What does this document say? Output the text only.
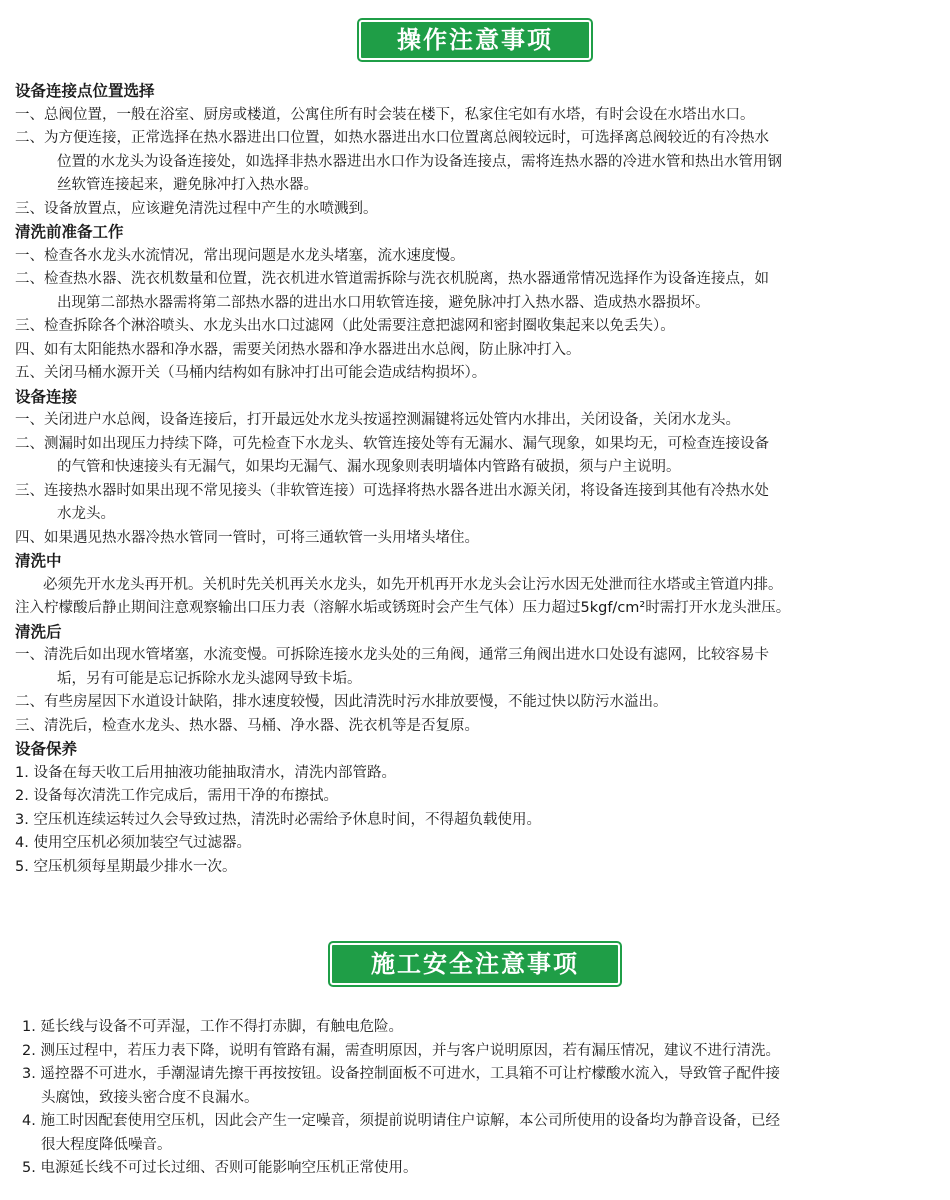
操作注意事项
设备连接点位置选择
一、总阀位置，一般在浴室、厨房或楼道，公寓住所有时会装在楼下，私家住宅如有水塔，有时会设在水塔出水口。
二、为方便连接，正常选择在热水器进出口位置，如热水器进出水口位置离总阀较远时，可选择离总阀较近的有冷热水
位置的水龙头为设备连接处，如选择非热水器进出水口作为设备连接点，需将连热水器的冷进水管和热出水管用钢
丝软管连接起来，避免脉冲打入热水器。
三、设备放置点，应该避免清洗过程中产生的水喷溅到。
清洗前准备工作
一、检查各水龙头水流情况，常出现问题是水龙头堵塞，流水速度慢。
二、检查热水器、洗衣机数量和位置，洗衣机进水管道需拆除与洗衣机脱离，热水器通常情况选择作为设备连接点，如
出现第二部热水器需将第二部热水器的进出水口用软管连接，避免脉冲打入热水器、造成热水器损坏。
三、检查拆除各个淋浴喷头、水龙头出水口过滤网（此处需要注意把滤网和密封圈收集起来以免丢失）。
四、如有太阳能热水器和净水器，需要关闭热水器和净水器进出水总阀，防止脉冲打入。
五、关闭马桶水源开关（马桶内结构如有脉冲打出可能会造成结构损坏）。
设备连接
一、关闭进户水总阀，设备连接后，打开最远处水龙头按遥控测漏键将远处管内水排出，关闭设备，关闭水龙头。
二、测漏时如出现压力持续下降，可先检查下水龙头、软管连接处等有无漏水、漏气现象，如果均无，可检查连接设备
的气管和快速接头有无漏气，如果均无漏气、漏水现象则表明墙体内管路有破损，须与户主说明。
三、连接热水器时如果出现不常见接头（非软管连接）可选择将热水器各进出水源关闭，将设备连接到其他有冷热水处
水龙头。
四、如果遇见热水器冷热水管同一管时，可将三通软管一头用堵头堵住。
清洗中
必须先开水龙头再开机。关机时先关机再关水龙头，如先开机再开水龙头会让污水因无处泄而往水塔或主管道内排。
注入柠檬酸后静止期间注意观察输出口压力表（溶解水垢或锈斑时会产生气体）压力超过5kgf/cm²时需打开水龙头泄压。
清洗后
一、清洗后如出现水管堵塞，水流变慢。可拆除连接水龙头处的三角阀，通常三角阀出进水口处设有滤网，比较容易卡
垢，另有可能是忘记拆除水龙头滤网导致卡垢。
二、有些房屋因下水道设计缺陷，排水速度较慢，因此清洗时污水排放要慢，不能过快以防污水溢出。
三、清洗后，检查水龙头、热水器、马桶、净水器、洗衣机等是否复原。
设备保养
1. 设备在每天收工后用抽液功能抽取清水，清洗内部管路。
2. 设备每次清洗工作完成后，需用干净的布擦拭。
3. 空压机连续运转过久会导致过热，清洗时必需给予休息时间，不得超负载使用。
4. 使用空压机必须加装空气过滤器。
5. 空压机须每星期最少排水一次。
施工安全注意事项
1. 延长线与设备不可弄湿，工作不得打赤脚，有触电危险。
2. 测压过程中，若压力表下降，说明有管路有漏，需查明原因，并与客户说明原因，若有漏压情况，建议不进行清洗。
3. 遥控器不可进水，手潮湿请先擦干再按按钮。设备控制面板不可进水，工具箱不可让柠檬酸水流入，导致管子配件接
头腐蚀，致接头密合度不良漏水。
4. 施工时因配套使用空压机，因此会产生一定噪音，须提前说明请住户谅解，本公司所使用的设备均为静音设备，已经
很大程度降低噪音。
5. 电源延长线不可过长过细、否则可能影响空压机正常使用。
